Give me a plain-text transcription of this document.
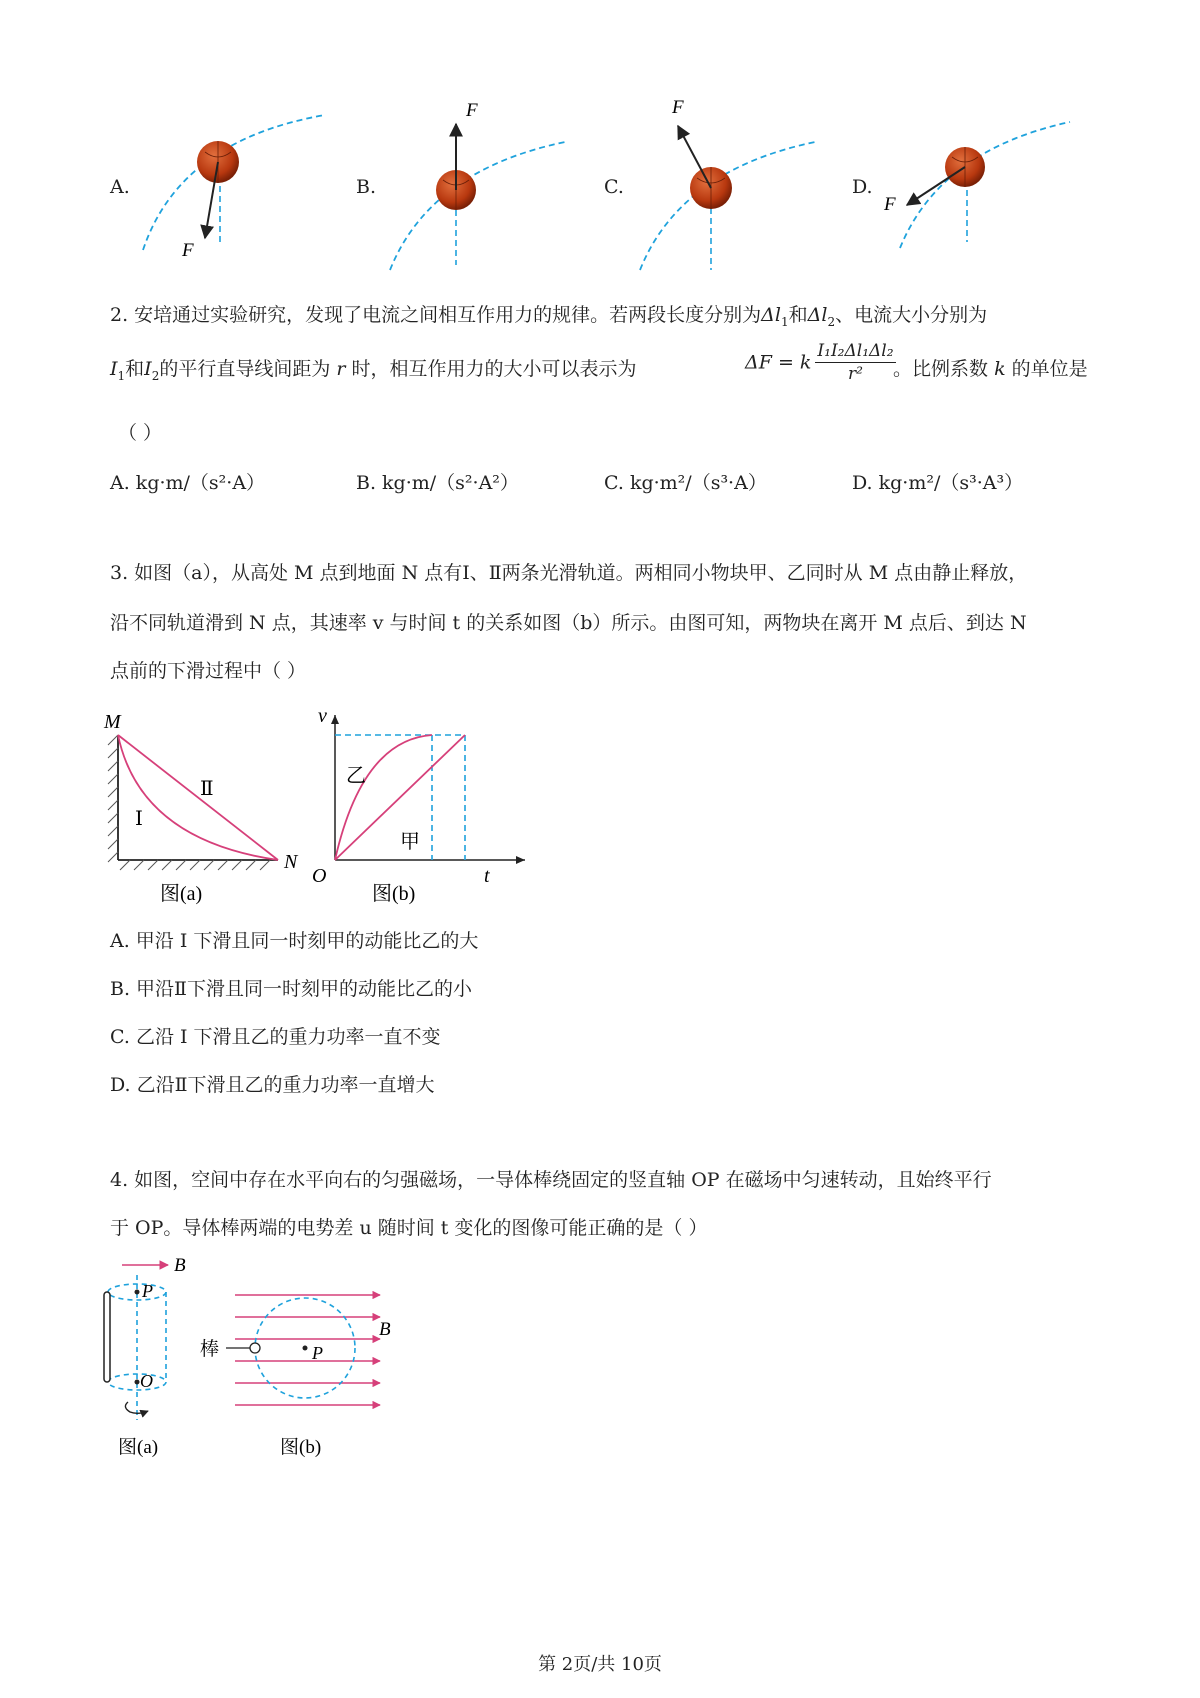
A.	B.	C.	D.
F
F	F
F
2. 安培通过实验研究，发现了电流之间相互作用力的规律。若两段长度分别为$\Delta l_1$和$\Delta l_2$、电流大小分别为
$I_1$和$I_2$的平行直导线间距为 r 时，相互作用力的大小可以表示为	ΔF = k $\frac{\text{I₁I₂Δl₁Δl₂}}{\text{r²}}$
。比例系数 k 的单位是
（ ）
A. kg·m/（s²·A）	B. kg·m/（s²·A²）	C. kg·m²/（s³·A）	D. kg·m²/（s³·A³）
3. 如图（a），从高处 M 点到地面 N 点有Ⅰ、Ⅱ两条光滑轨道。两相同小物块甲、乙同时从 M 点由静止释放，
沿不同轨道滑到 N 点，其速率 v 与时间 t 的关系如图（b）所示。由图可知，两物块在离开 M 点后、到达 N
点前的下滑过程中（ ）
M
N
Ⅰ
Ⅱ
图(a)
v
t
O
乙
甲
图(b)
A. 甲沿 I 下滑且同一时刻甲的动能比乙的大
B. 甲沿Ⅱ下滑且同一时刻甲的动能比乙的小
C. 乙沿 I 下滑且乙的重力功率一直不变
D. 乙沿Ⅱ下滑且乙的重力功率一直增大
4. 如图，空间中存在水平向右的匀强磁场，一导体棒绕固定的竖直轴 OP 在磁场中匀速转动，且始终平行
于 OP。导体棒两端的电势差 u 随时间 t 变化的图像可能正确的是（ ）
B
P
O
图(a)
棒
B
P
图(b)
第 2页/共 10页
